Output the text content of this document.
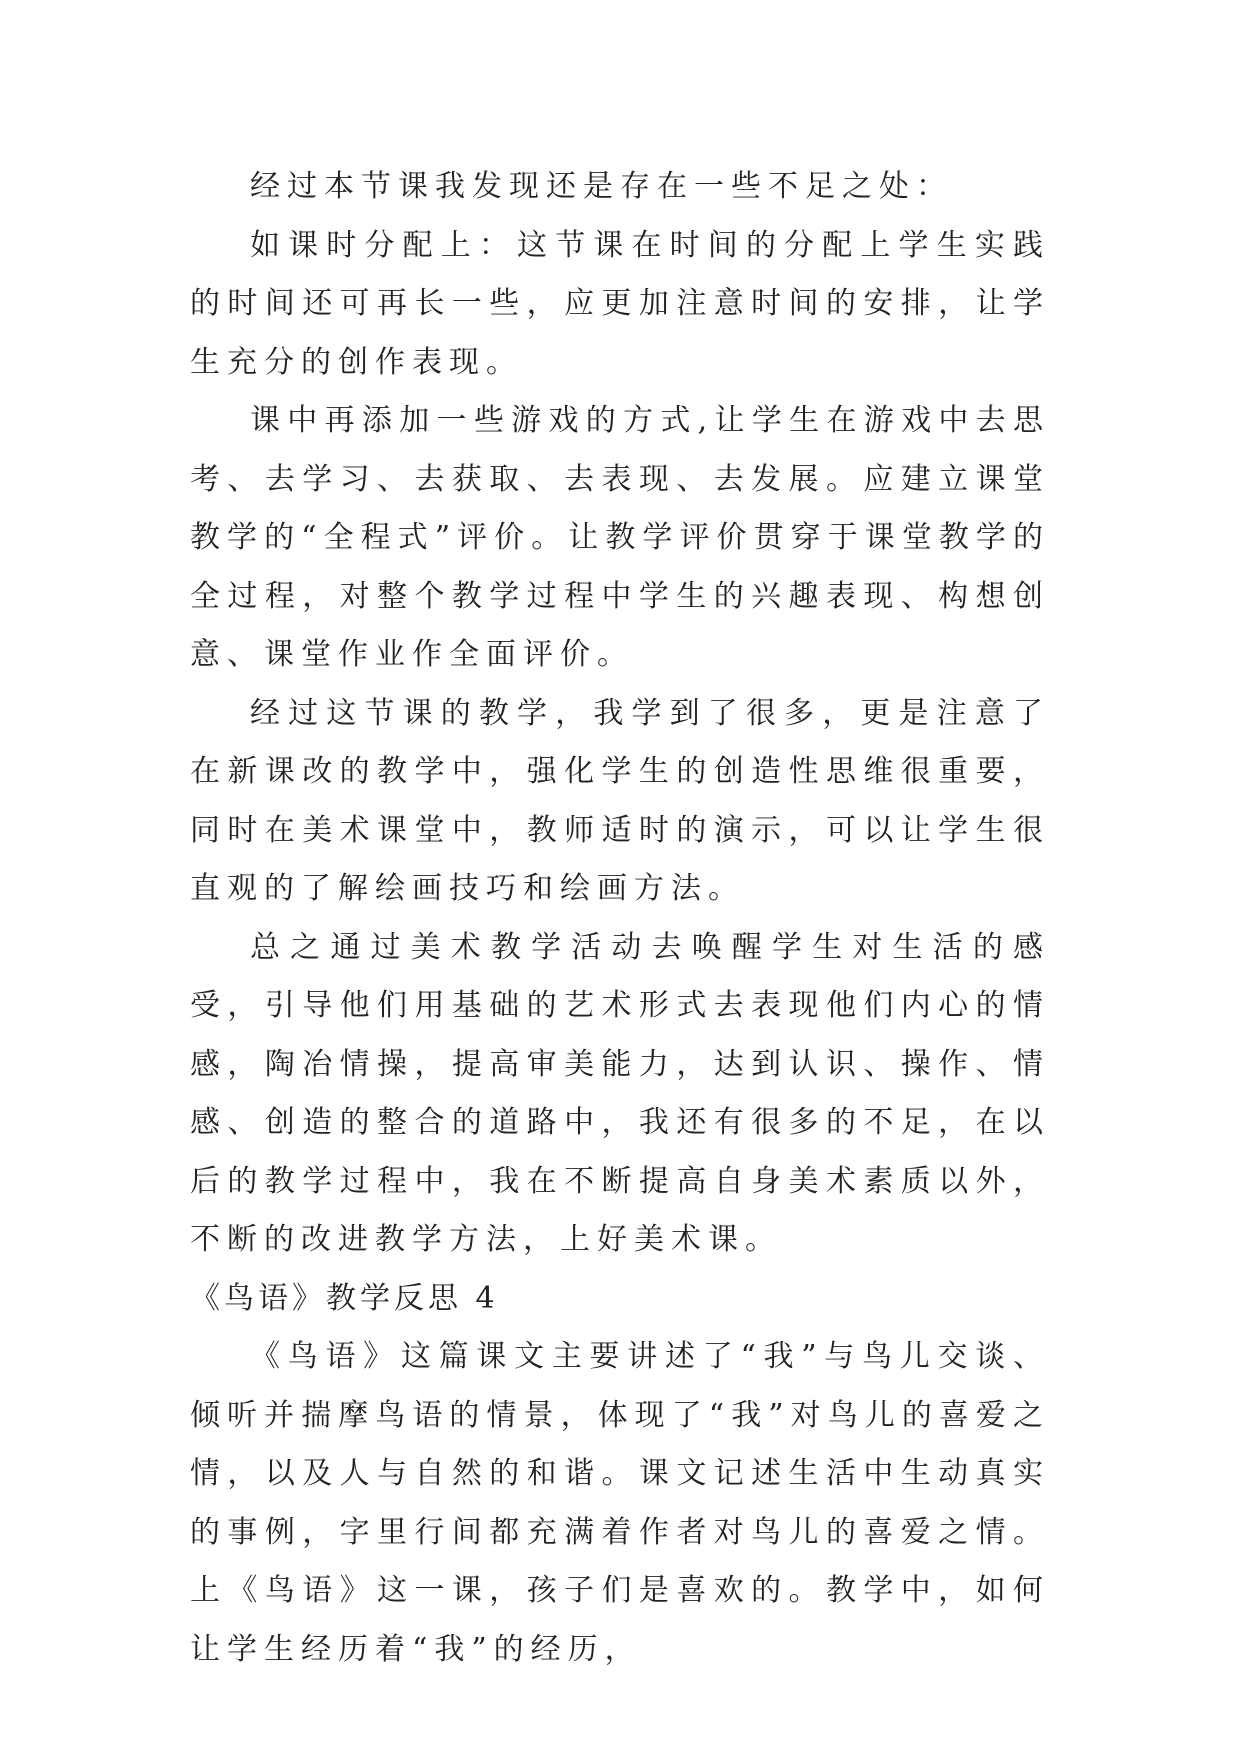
经过本节课我发现还是存在一些不足之处：

如课时分配上：这节课在时间的分配上学生实践的时间还可再长一些，应更加注意时间的安排，让学生充分的创作表现。

课中再添加一些游戏的方式,让学生在游戏中去思考、去学习、去获取、去表现、去发展。应建立课堂教学的“全程式”评价。让教学评价贯穿于课堂教学的全过程，对整个教学过程中学生的兴趣表现、构想创意、课堂作业作全面评价。

经过这节课的教学，我学到了很多，更是注意了在新课改的教学中，强化学生的创造性思维很重要，同时在美术课堂中，教师适时的演示，可以让学生很直观的了解绘画技巧和绘画方法。

总之通过美术教学活动去唤醒学生对生活的感受，引导他们用基础的艺术形式去表现他们内心的情感，陶冶情操，提高审美能力，达到认识、操作、情感、创造的整合的道路中，我还有很多的不足，在以后的教学过程中，我在不断提高自身美术素质以外，不断的改进教学方法，上好美术课。

《鸟语》教学反思 4

《鸟语》这篇课文主要讲述了“我”与鸟儿交谈、倾听并揣摩鸟语的情景，体现了“我”对鸟儿的喜爱之情，以及人与自然的和谐。课文记述生活中生动真实的事例，字里行间都充满着作者对鸟儿的喜爱之情。上《鸟语》这一课，孩子们是喜欢的。教学中，如何让学生经历着“我”的经历，
